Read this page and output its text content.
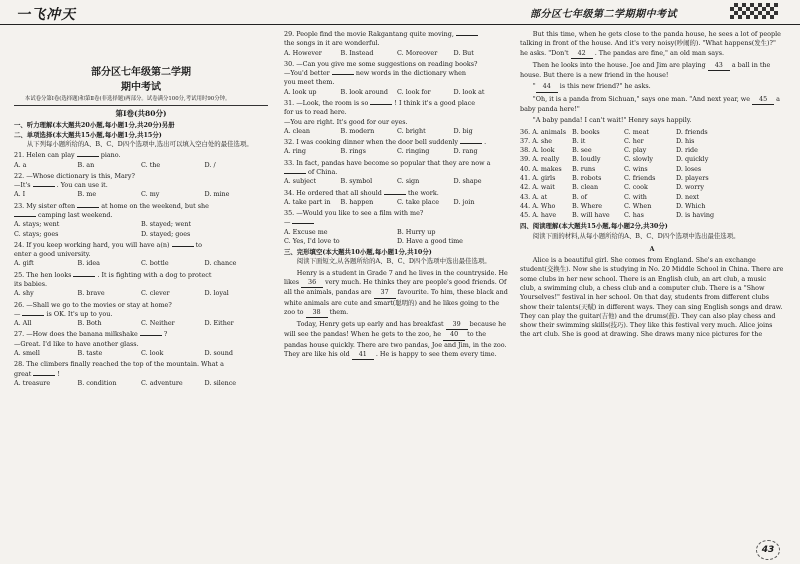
一飞冲天	部分区七年级第二学期期中考试

部分区七年级第二学期

期中考试

本试卷分第Ⅰ卷(选择题)和第Ⅱ卷(非选择题)两部分。试卷满分100分,考试用时90分钟。

第Ⅰ卷(共80分)

一、听力理解(本大题共20小题,每小题1分,共20分)另册

二、单项选择(本大题共15小题,每小题1分,共15分)

从下列每小题所给的A、B、C、D四个选项中,选出可以填入空白处的最佳选项。

21. Helen can play	piano.

A. a	B. an	C. the	D. /

22. —Whose dictionary is this, Mary?

—It's	. You can use it.

A. I	B. me	C. my	D. mine

23. My sister often	at home on the weekend, but she

camping last weekend.

A. stays; went	B. stayed; went
C. stays; goes	D. stayed; goes

24. If you keep working hard, you will have a(n)	to

enter a good university.

A. gift	B. idea	C. bottle	D. chance

25. The hen looks	. It is fighting with a dog to protect

its babies.

A. shy	B. brave	C. clever	D. loyal

26. —Shall we go to the movies or stay at home?

—	is OK. It's up to you.

A. All	B. Both	C. Neither	D. Either

27. —How does the banana milkshake	?

—Great. I'd like to have another glass.

A. smell	B. taste	C. look	D. sound

28. The climbers finally reached the top of the mountain. What a

great	!

A. treasure	B. condition	C. adventure	D. silence

29. People find the movie Rakgantang quite moving,

the songs in it are wonderful.

A. However	B. Instead	C. Moreover	D. But

30. —Can you give me some suggestions on reading books?

—You'd better	new words in the dictionary when

you meet them.

A. look up	B. look around	C. look for	D. look at

31. —Look, the room is so	! I think it's a good place

for us to read here.

—You are right. It's good for our eyes.

A. clean	B. modern	C. bright	D. big

32. I was cooking dinner when the door bell suddenly	.

A. ring	B. rings	C. ringing	D. rang

33. In fact, pandas have become so popular that they are now a

of China.

A. subject	B. symbol	C. sign	D. shape

34. He ordered that all should	the work.

A. take part in	B. happen	C. take place	D. join

35. —Would you like to see a film with me?

—

A. Excuse me	B. Hurry up
C. Yes, I'd love to	D. Have a good time

三、完形填空(本大题共10小题,每小题1分,共10分)

阅读下面短文,从各题所给的A、B、C、D四个选项中选出最佳选项。

Henry is a student in Grade 7 and he lives in the countryside. He likes 36 very much. He thinks they are people's good friends. Of all the animals, pandas are 37 favourite. To him, these black and white animals are cute and smart(聪明的) and he likes going to the zoo to 38 them.

Today, Henry gets up early and has breakfast 39 because he will see the pandas! When he gets to the zoo, he 40 to the pandas house quickly. There are two pandas, Joe and Jim, in the zoo. They are like his old 41 . He is happy to see them every time.

But this time, when he gets close to the panda house, he sees a lot of people talking in front of the house. And it's very noisy(吵闹的). "What happens(发生)?" he asks. "Don't 42 . The pandas are fine," an old man says.

Then he looks into the house. Joe and Jim are playing 43 a ball in the house. But there is a new friend in the house!

" 44 is this new friend?" he asks.

"Oh, it is a panda from Sichuan," says one man. "And next year, we 45 a baby panda here!"

"A baby panda! I can't wait!" Henry says happily.

36. A. animals B. books	C. meat	D. friends
37. A. she	B. it	C. her	D. his
38. A. look	B. see	C. play	D. ride
39. A. really	B. loudly	C. slowly	D. quickly
40. A. makes	B. runs	C. wins	D. loses
41. A. girls	B. robots	C. friends	D. players
42. A. wait	B. clean	C. cook	D. worry
43. A. at	B. of	C. with	D. next
44. A. Who	B. Where	C. When	D. Which
45. A. have	B. will have	C. has	D. is having

四、阅读理解(本大题共15小题,每小题2分,共30分)

阅读下面的材料,从每小题所给的A、B、C、D四个选项中选出最佳选项。

A

Alice is a beautiful girl. She comes from England. She's an exchange student(交换生). Now she is studying in No. 20 Middle School in China. There are some clubs in her new school. There is an English club, an art club, a music club, a swimming club, a chess club and a computer club. There is a "Show Yourselves!" festival in her school. On that day, students from different clubs show their talents(天赋) in different ways. They can sing English songs and draw. They can play the guitar(吉他) and the drums(鼓). They can also play chess and show their swimming skills(技巧). They like this festival very much. Alice joins the art club. She is good at drawing. She draws many nice pictures for the

43
